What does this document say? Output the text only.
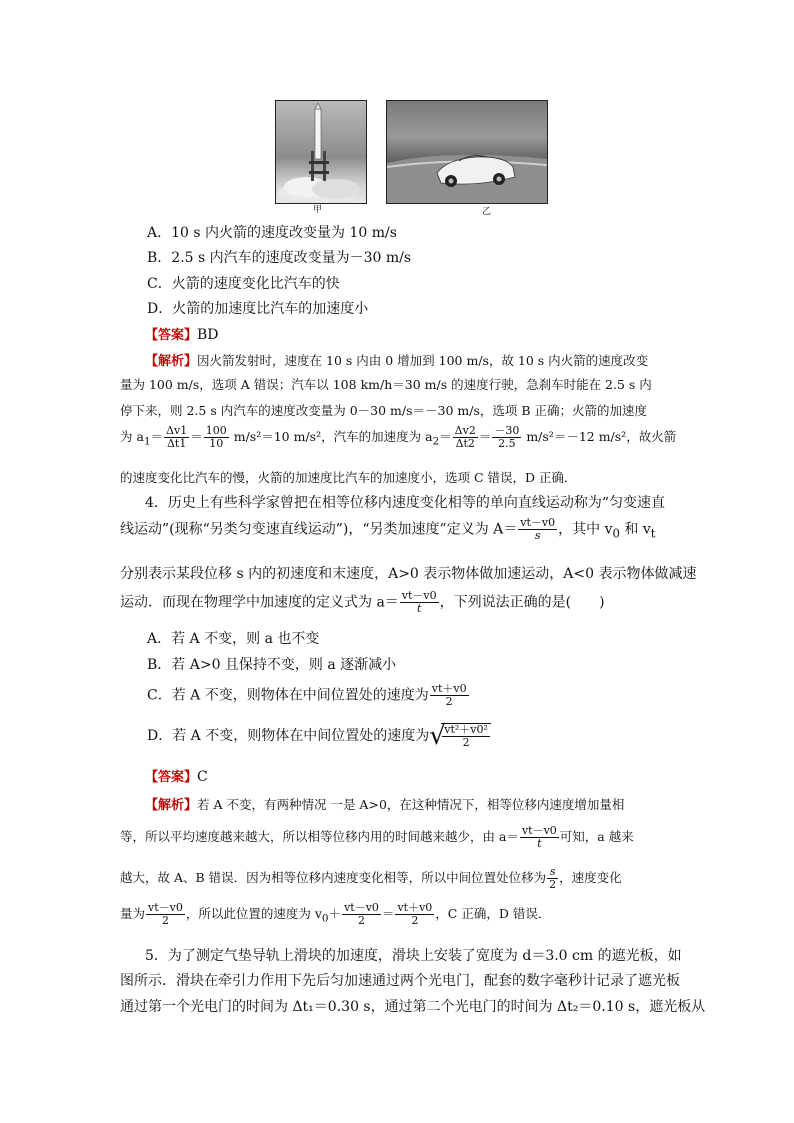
甲	乙
A．10 s 内火箭的速度改变量为 10 m/s
B．2.5 s 内汽车的速度改变量为－30 m/s
C．火箭的速度变化比汽车的快
D．火箭的加速度比汽车的加速度小
【答案】BD
【解析】因火箭发射时，速度在 10 s 内由 0 增加到 100 m/s，故 10 s 内火箭的速度改变
量为 100 m/s，选项 A 错误；汽车以 108 km/h＝30 m/s 的速度行驶，急刹车时能在 2.5 s 内
停下来，则 2.5 s 内汽车的速度改变量为 0－30 m/s＝－30 m/s，选项 B 正确；火箭的加速度
为 $a_1= \frac{\Delta v1}{\Delta t1} = \frac{100}{10} m/s^2=10$ m/s²，汽车的加速度为 $a_2= \frac{\Delta v2}{\Delta t2} = \frac{-30}{2.5} m/s^2=-12$ m/s²，故火箭
的速度变化比汽车的慢，火箭的加速度比汽车的加速度小，选项 C 错误，D 正确．
4．历史上有些科学家曾把在相等位移内速度变化相等的单向直线运动称为“匀变速直
线运动”(现称“另类匀变速直线运动”)，“另类加速度”定义为 $A= \frac{vt-v0}{s}$ ，其中 $v_0$ 和 $v_t$
分别表示某段位移 s 内的初速度和末速度，A>0 表示物体做加速运动，A<0 表示物体做减速
运动．而现在物理学中加速度的定义式为 $a= \frac{vt-v0}{t}$ ，下列说法正确的是(　　)
A．若 A 不变，则 a 也不变
B．若 A>0 且保持不变，则 a 逐渐减小
C．若 A 不变，则物体在中间位置处的速度为 $\frac{vt+v0}{2}$
D．若 A 不变，则物体在中间位置处的速度为 √
$\frac{\text{vt²＋v0²}}{2}$
【答案】C
【解析】若 A 不变，有两种情况 一是 A>0，在这种情况下，相等位移内速度增加量相
等，所以平均速度越来越大，所以相等位移内用的时间越来越少，由 $a= \frac{vt-v0}{t}$ 可知，a 越来
越大，故 A、B 错误．因为相等位移内速度变化相等，所以中间位置处位移为 $\frac{s}{2}$ ，速度变化
量为 $\frac{vt-v0}{2}$ ，所以此位置的速度为 $v_0+ \frac{vt-v0}{2} = \frac{vt+v0}{2}$ ，C 正确，D 错误．
5．为了测定气垫导轨上滑块的加速度，滑块上安装了宽度为 d＝3.0 cm 的遮光板，如
图所示．滑块在牵引力作用下先后匀加速通过两个光电门，配套的数字毫秒计记录了遮光板
通过第一个光电门的时间为 Δt₁＝0.30 s，通过第二个光电门的时间为 Δt₂＝0.10 s，遮光板从
